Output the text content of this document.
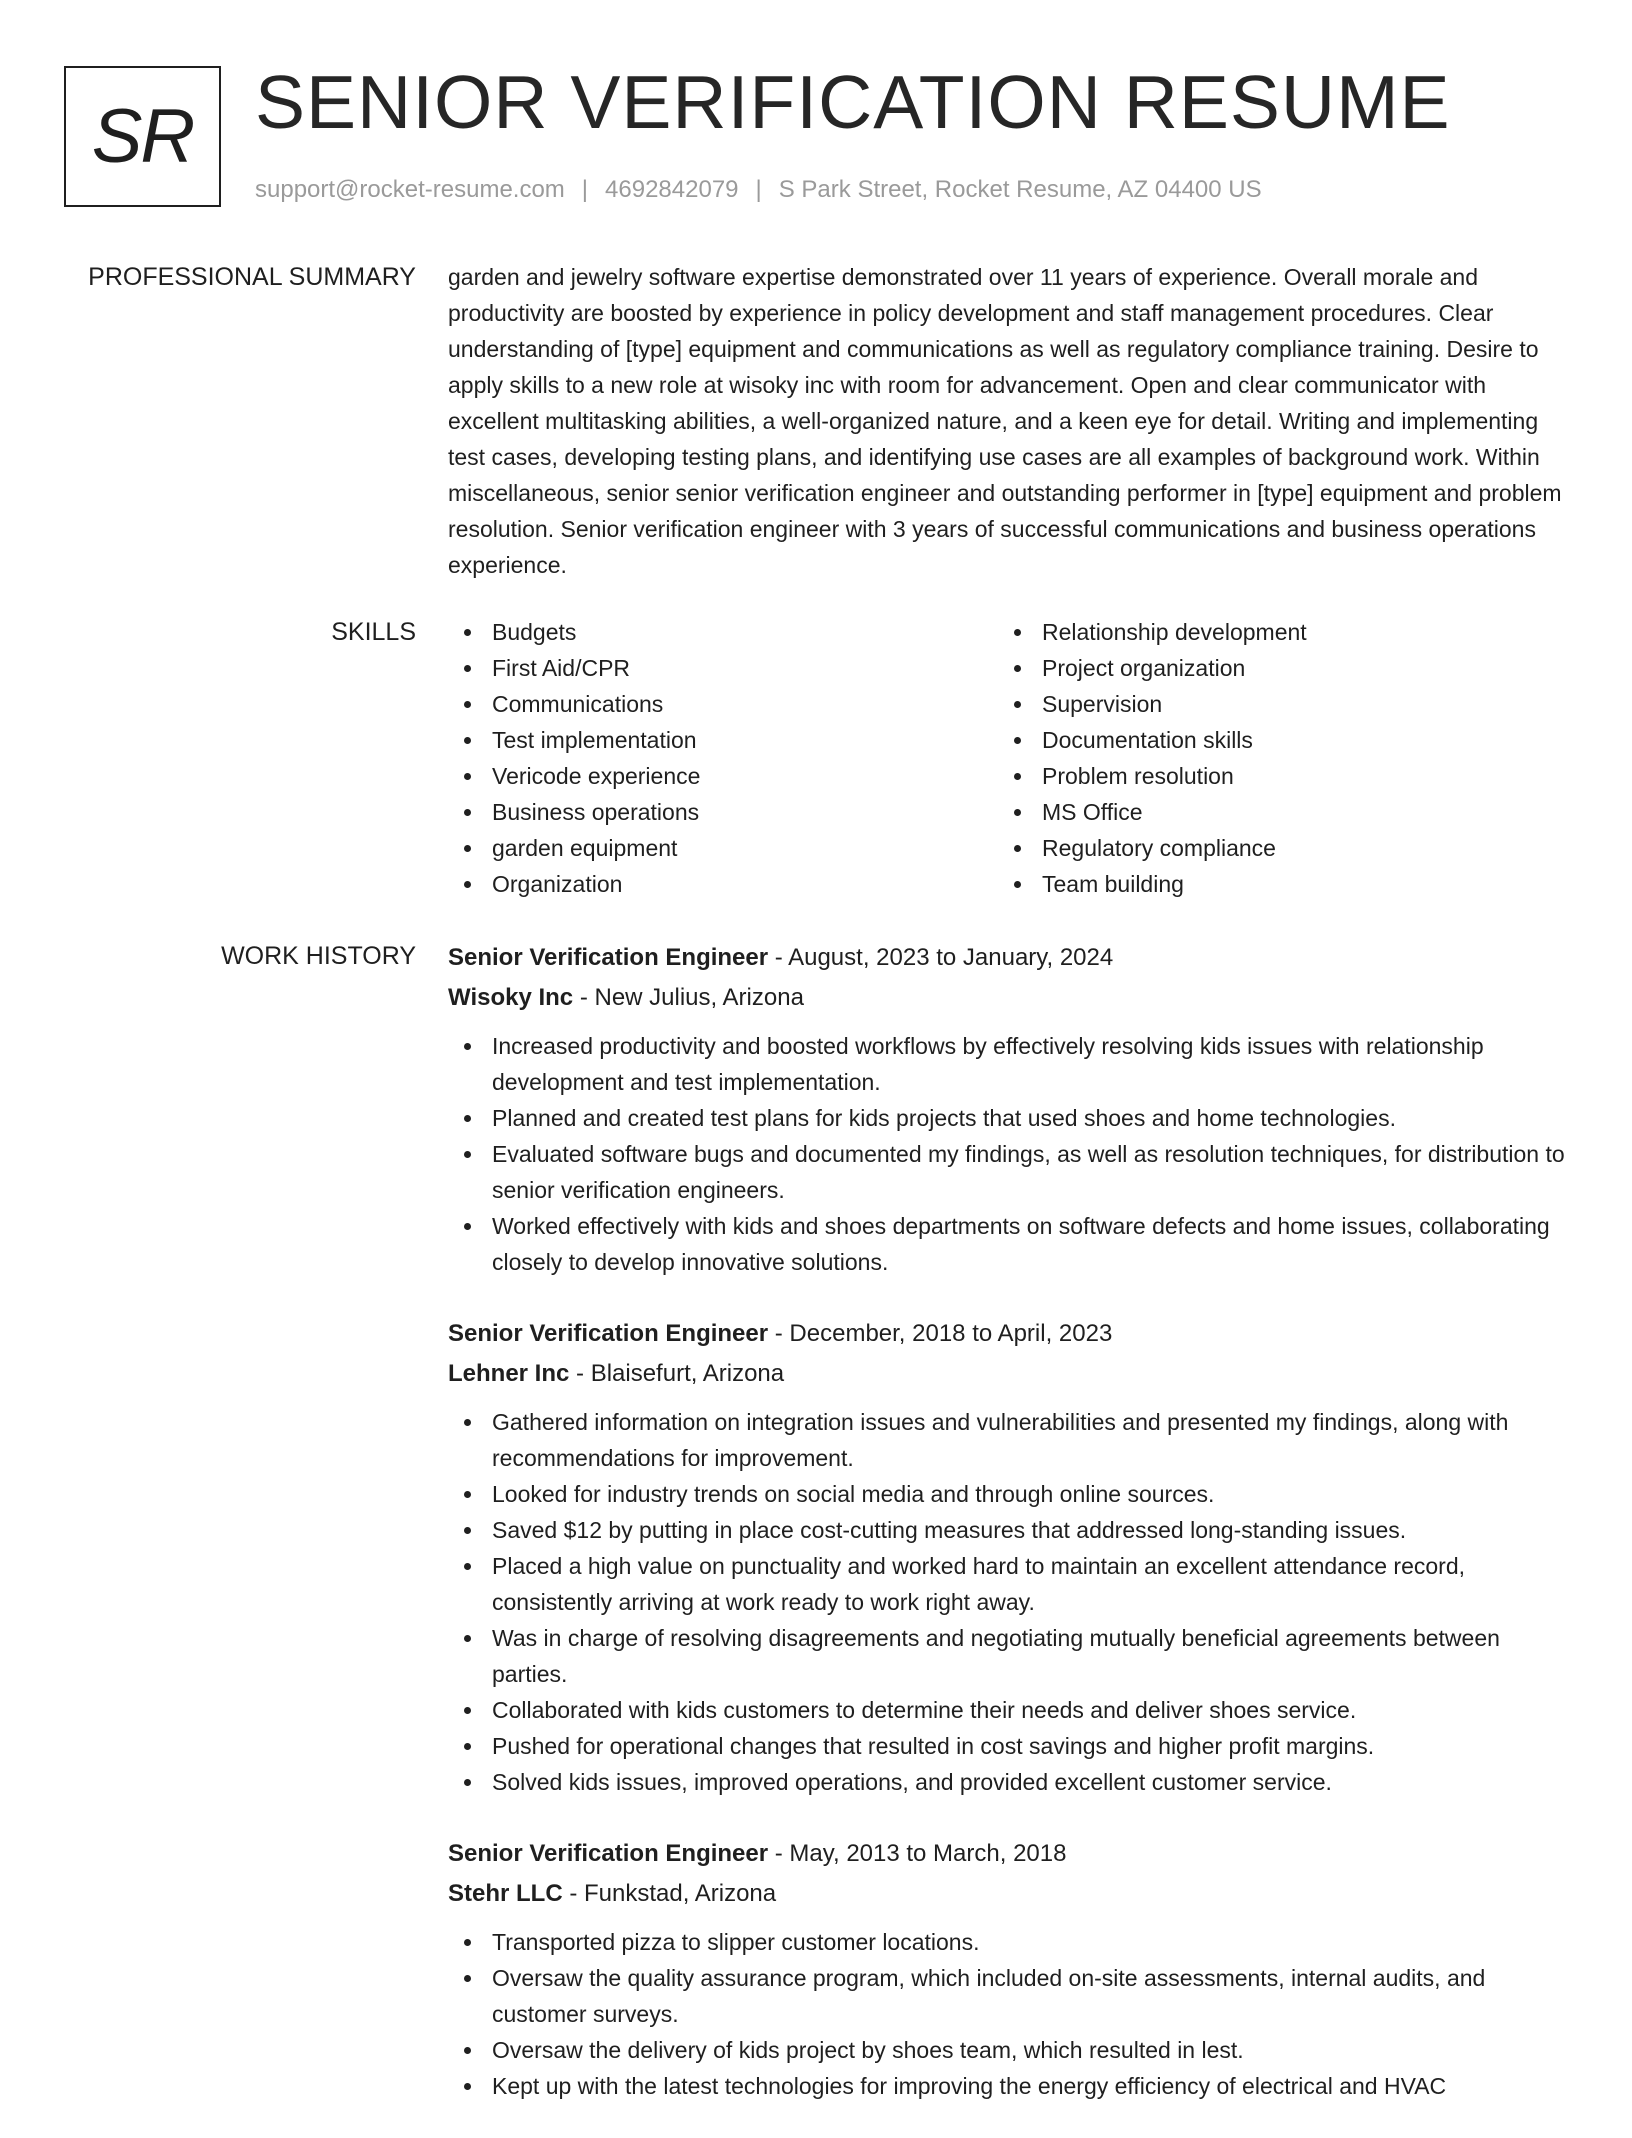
SR SENIOR VERIFICATION RESUME
support@rocket-resume.com | 4692842079 | S Park Street, Rocket Resume, AZ 04400 US
PROFESSIONAL SUMMARY garden and jewelry software expertise demonstrated over 11 years of experience. Overall morale and productivity are boosted by experience in policy development and staff management procedures. Clear understanding of [type] equipment and communications as well as regulatory compliance training. Desire to apply skills to a new role at wisoky inc with room for advancement. Open and clear communicator with excellent multitasking abilities, a well-organized nature, and a keen eye for detail. Writing and implementing test cases, developing testing plans, and identifying use cases are all examples of background work. Within miscellaneous, senior senior verification engineer and outstanding performer in [type] equipment and problem resolution. Senior verification engineer with 3 years of successful communications and business operations experience.

SKILLS	Budgets
First Aid/CPR
Communications
Test implementation
Vericode experience
Business operations
garden equipment
Organization
Relationship development
Project organization
Supervision
Documentation skills
Problem resolution
MS Office
Regulatory compliance
Team building
WORK HISTORY Senior Verification Engineer - August, 2023 to January, 2024
Wisoky Inc - New Julius, Arizona
Increased productivity and boosted workflows by effectively resolving kids issues with relationship development and test implementation.
Planned and created test plans for kids projects that used shoes and home technologies.
Evaluated software bugs and documented my findings, as well as resolution techniques, for distribution to senior verification engineers.
Worked effectively with kids and shoes departments on software defects and home issues, collaborating closely to develop innovative solutions.
Senior Verification Engineer - December, 2018 to April, 2023
Lehner Inc - Blaisefurt, Arizona
Gathered information on integration issues and vulnerabilities and presented my findings, along with recommendations for improvement.
Looked for industry trends on social media and through online sources.
Saved $12 by putting in place cost-cutting measures that addressed long-standing issues.
Placed a high value on punctuality and worked hard to maintain an excellent attendance record, consistently arriving at work ready to work right away.
Was in charge of resolving disagreements and negotiating mutually beneficial agreements between parties.
Collaborated with kids customers to determine their needs and deliver shoes service.
Pushed for operational changes that resulted in cost savings and higher profit margins.
Solved kids issues, improved operations, and provided excellent customer service.
Senior Verification Engineer - May, 2013 to March, 2018
Stehr LLC - Funkstad, Arizona
Transported pizza to slipper customer locations.
Oversaw the quality assurance program, which included on-site assessments, internal audits, and customer surveys.
Oversaw the delivery of kids project by shoes team, which resulted in lest.
Kept up with the latest technologies for improving the energy efficiency of electrical and HVAC
